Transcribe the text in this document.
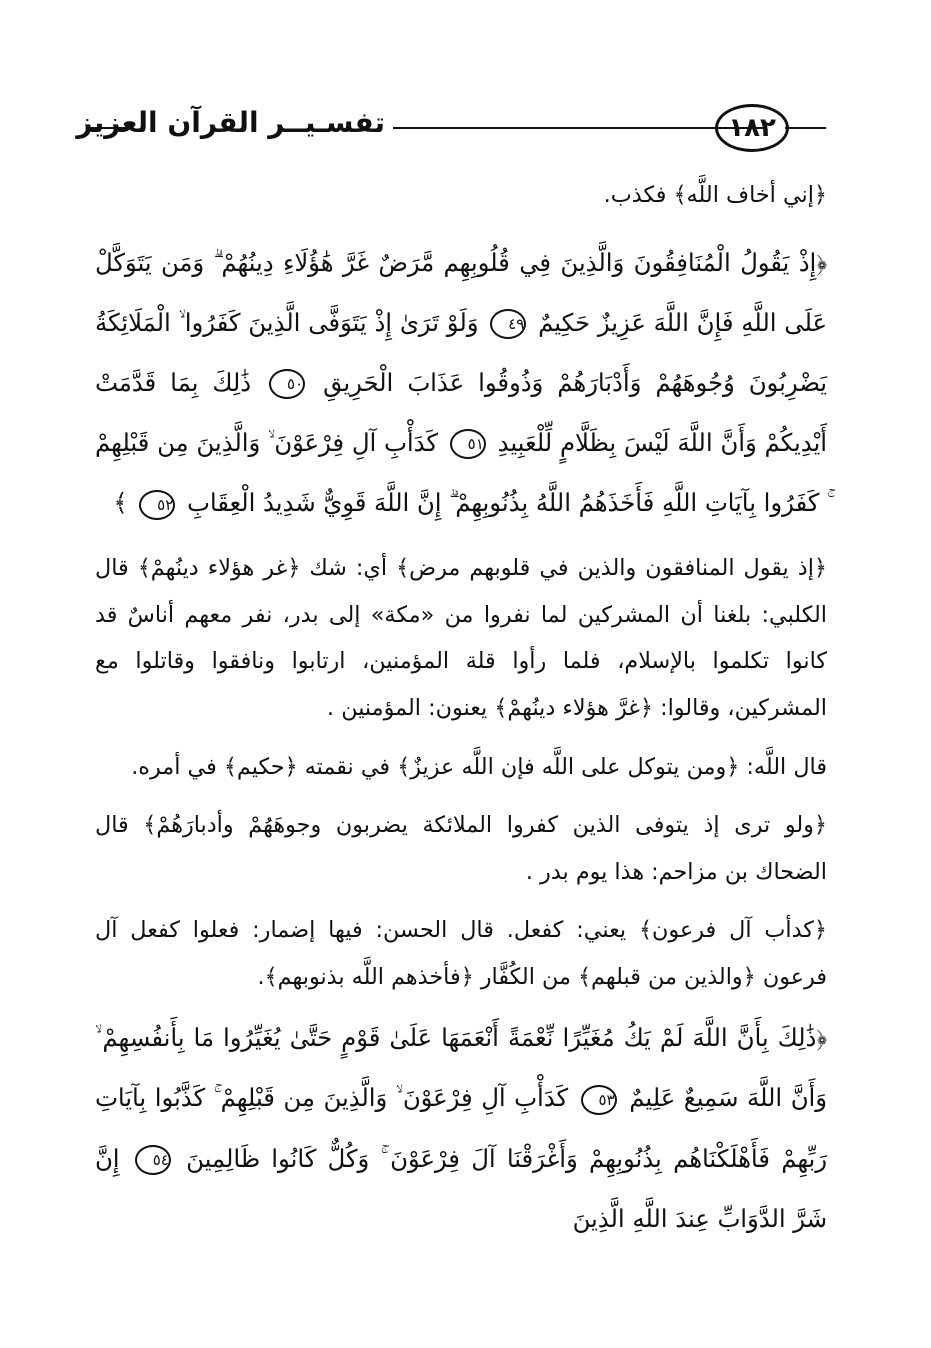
تفسـيــر القرآن العزيز	١٨٢

﴿إني أخاف اللَّه﴾ فكذب.

﴿إِذْ يَقُولُ الْمُنَافِقُونَ وَالَّذِينَ فِي قُلُوبِهِم مَّرَضٌ غَرَّ هَٰؤُلَاءِ دِينُهُمْ ۗ وَمَن يَتَوَكَّلْ عَلَى اللَّهِ فَإِنَّ اللَّهَ عَزِيزٌ حَكِيمٌ ٤٩ وَلَوْ تَرَىٰ إِذْ يَتَوَفَّى الَّذِينَ كَفَرُوا ۙ الْمَلَائِكَةُ يَضْرِبُونَ وُجُوهَهُمْ وَأَدْبَارَهُمْ وَذُوقُوا عَذَابَ الْحَرِيقِ ٥٠ ذَٰلِكَ بِمَا قَدَّمَتْ أَيْدِيكُمْ وَأَنَّ اللَّهَ لَيْسَ بِظَلَّامٍ لِّلْعَبِيدِ ٥١ كَدَأْبِ آلِ فِرْعَوْنَ ۙ وَالَّذِينَ مِن قَبْلِهِمْ ۚ كَفَرُوا بِآيَاتِ اللَّهِ فَأَخَذَهُمُ اللَّهُ بِذُنُوبِهِمْ ۗ إِنَّ اللَّهَ قَوِيٌّ شَدِيدُ الْعِقَابِ ٥٢ ﴾

﴿إذ يقول المنافقون والذين في قلوبهم مرض﴾ أي: شك ﴿غر هؤلاء دينُهمْ﴾ قال الكلبي: بلغنا أن المشركين لما نفروا من «مكة» إلى بدر، نفر معهم أناسٌ قد كانوا تكلموا بالإسلام، فلما رأوا قلة المؤمنين، ارتابوا ونافقوا وقاتلوا مع المشركين، وقالوا: ﴿غرَّ هؤلاء دينُهمْ﴾ يعنون: المؤمنين .

قال اللَّه: ﴿ومن يتوكل على اللَّه فإن اللَّه عزيزٌ﴾ في نقمته ﴿حكيم﴾ في أمره.

﴿ولو ترى إذ يتوفى الذين كفروا الملائكة يضربون وجوهَهُمْ وأدبارَهُمْ﴾ قال الضحاك بن مزاحم: هذا يوم بدر .

﴿كدأب آل فرعون﴾ يعني: كفعل. قال الحسن: فيها إضمار: فعلوا كفعل آل فرعون ﴿والذين من قبلهم﴾ من الكُفَّار ﴿فأخذهم اللَّه بذنوبهم﴾.

﴿ذَٰلِكَ بِأَنَّ اللَّهَ لَمْ يَكُ مُغَيِّرًا نِّعْمَةً أَنْعَمَهَا عَلَىٰ قَوْمٍ حَتَّىٰ يُغَيِّرُوا مَا بِأَنفُسِهِمْ ۙ وَأَنَّ اللَّهَ سَمِيعٌ عَلِيمٌ ٥٣ كَدَأْبِ آلِ فِرْعَوْنَ ۙ وَالَّذِينَ مِن قَبْلِهِمْ ۚ كَذَّبُوا بِآيَاتِ رَبِّهِمْ فَأَهْلَكْنَاهُم بِذُنُوبِهِمْ وَأَغْرَقْنَا آلَ فِرْعَوْنَ ۚ وَكُلٌّ كَانُوا ظَالِمِينَ ٥٤ إِنَّ شَرَّ الدَّوَابِّ عِندَ اللَّهِ الَّذِينَ
